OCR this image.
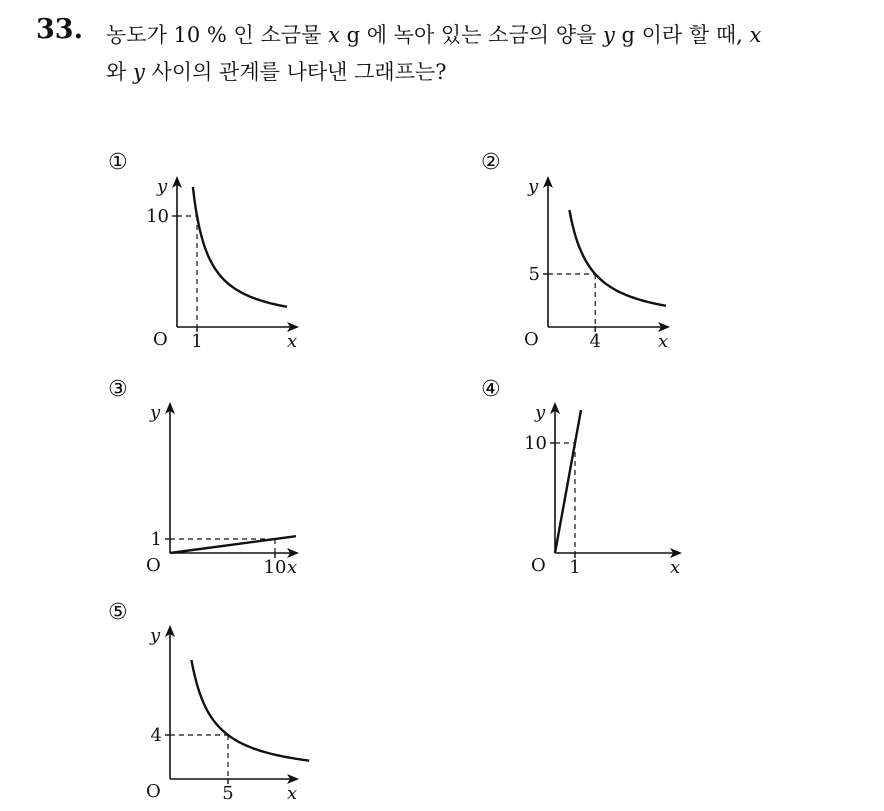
33. 농도가 10 % 인 소금물 x g 에 녹아 있는 소금의 양을 y g 이라 할 때, x
와 y 사이의 관계를 나타낸 그래프는?
①
x
y
O
10
1
②
x
y
O
5
4
③
x
y
O
1
10
④
x
y
O
10
1
⑤
x
y
O
4
5
